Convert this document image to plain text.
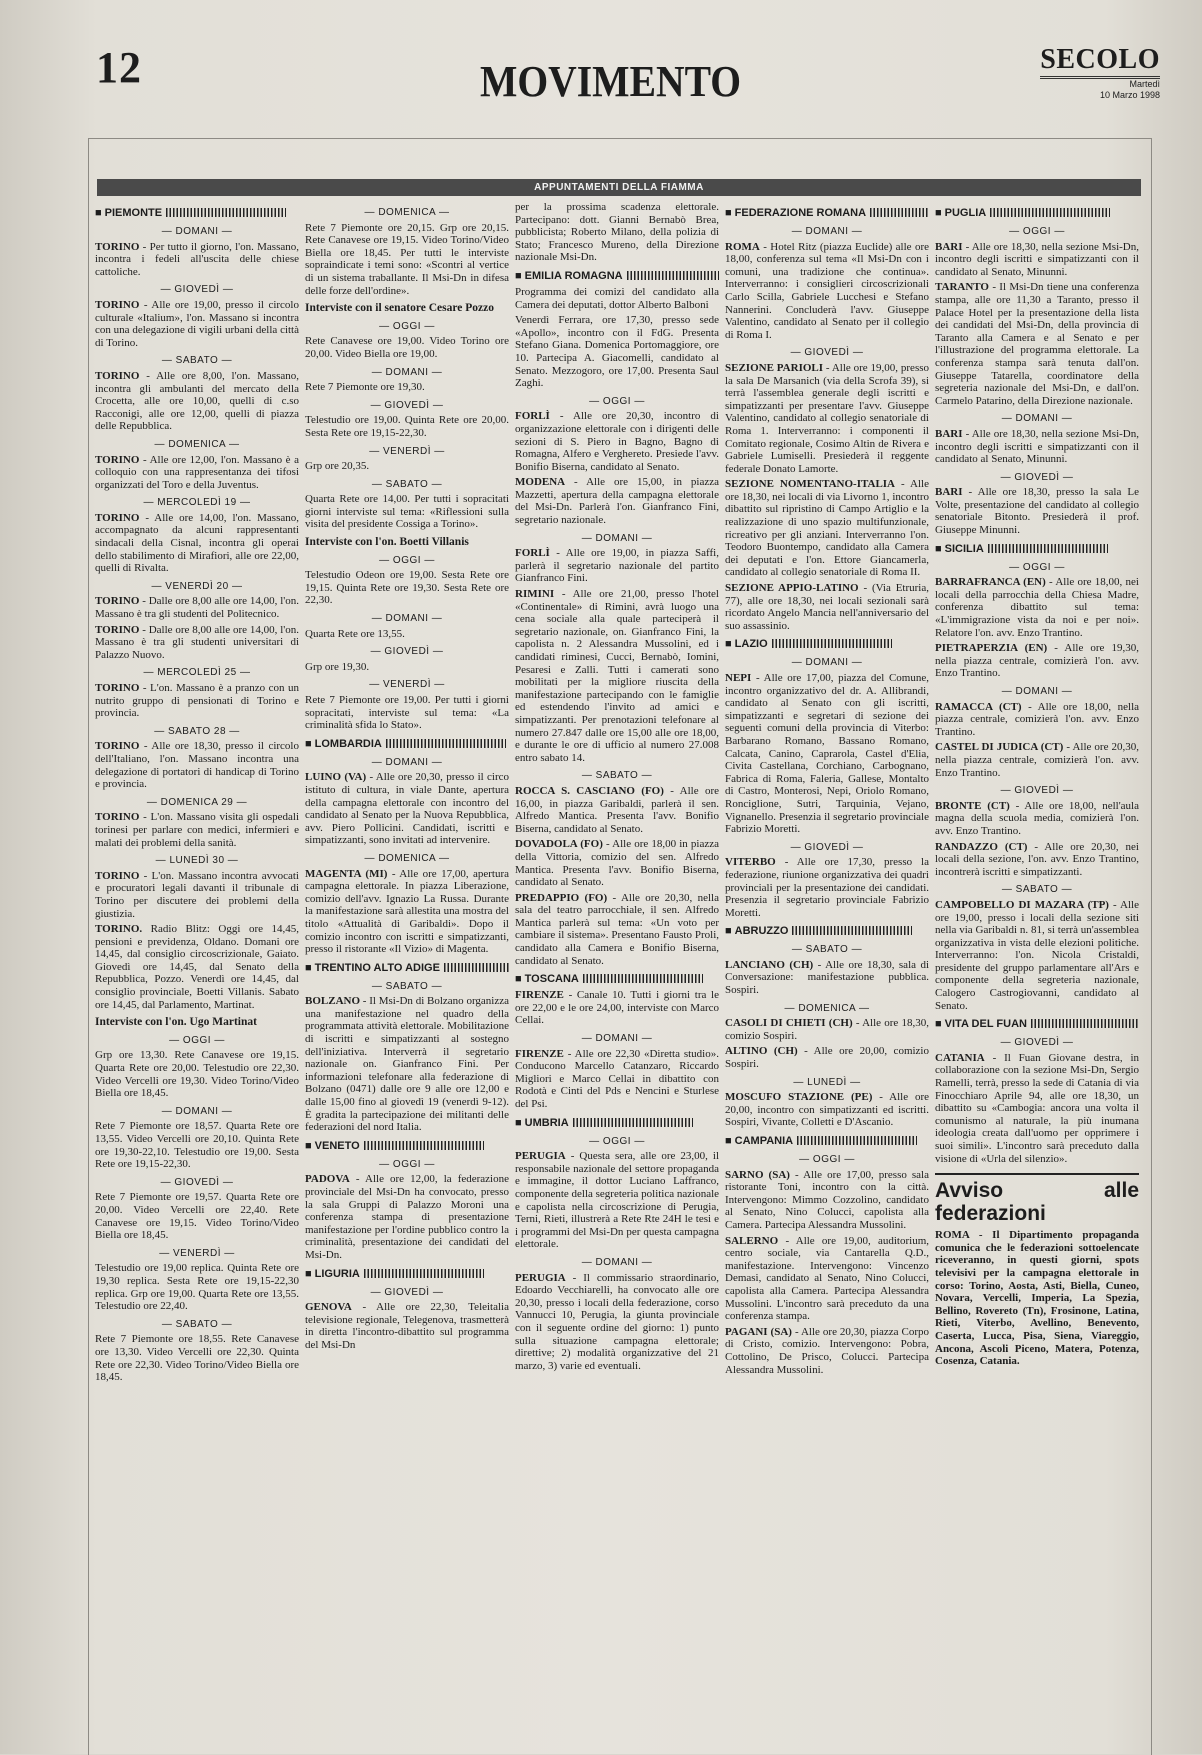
12	MOVIMENTO	SECOLO
Martedì
10 Marzo 1998
APPUNTAMENTI DELLA FIAMMA
■ PIEMONTE
— DOMANI —
TORINO - Per tutto il giorno, l'on. Massano, incontra i fedeli all'uscita delle chiese cattoliche.
— GIOVEDÌ —
TORINO - Alle ore 19,00, presso il circolo culturale «Italium», l'on. Massano si incontra con una delegazione di vigili urbani della città di Torino.
— SABATO —
TORINO - Alle ore 8,00, l'on. Massano, incontra gli ambulanti del mercato della Crocetta, alle ore 10,00, quelli di c.so Racconigi, alle ore 12,00, quelli di piazza delle Repubblica.
— DOMENICA —
TORINO - Alle ore 12,00, l'on. Massano è a colloquio con una rappresentanza dei tifosi organizzati del Toro e della Juventus.
— MERCOLEDÌ 19 —
TORINO - Alle ore 14,00, l'on. Massano, accompagnato da alcuni rappresentanti sindacali della Cisnal, incontra gli operai dello stabilimento di Mirafiori, alle ore 22,00, quelli di Rivalta.
— VENERDÌ 20 —
TORINO - Dalle ore 8,00 alle ore 14,00, l'on. Massano è tra gli studenti del Politecnico.
TORINO - Dalle ore 8,00 alle ore 14,00, l'on. Massano è tra gli studenti universitari di Palazzo Nuovo.
— MERCOLEDÌ 25 —
TORINO - L'on. Massano è a pranzo con un nutrito gruppo di pensionati di Torino e provincia.
— SABATO 28 —
TORINO - Alle ore 18,30, presso il circolo dell'Italiano, l'on. Massano incontra una delegazione di portatori di handicap di Torino e provincia.
— DOMENICA 29 —
TORINO - L'on. Massano visita gli ospedali torinesi per parlare con medici, infermieri e malati dei problemi della sanità.
— LUNEDÌ 30 —
TORINO - L'on. Massano incontra avvocati e procuratori legali davanti il tribunale di Torino per discutere dei problemi della giustizia.
TORINO. Radio Blitz: Oggi ore 14,45, pensioni e previdenza, Oldano. Domani ore 14,45, dal consiglio circoscrizionale, Gaiato. Giovedì ore 14,45, dal Senato della Repubblica, Pozzo. Venerdì ore 14,45, dal consiglio provinciale, Boetti Villanis. Sabato ore 14,45, dal Parlamento, Martinat.
Interviste con l'on. Ugo Martinat
— OGGI —
Grp ore 13,30. Rete Canavese ore 19,15. Quarta Rete ore 20,00. Telestudio ore 22,30. Video Vercelli ore 19,30. Video Torino/Video Biella ore 18,45.
— DOMANI —
Rete 7 Piemonte ore 18,57. Quarta Rete ore 13,55. Video Vercelli ore 20,10. Quinta Rete ore 19,30-22,10. Telestudio ore 19,00. Sesta Rete ore 19,15-22,30.
— GIOVEDÌ —
Rete 7 Piemonte ore 19,57. Quarta Rete ore 20,00. Video Vercelli ore 22,40. Rete Canavese ore 19,15. Video Torino/Video Biella ore 18,45.
— VENERDÌ —
Telestudio ore 19,00 replica. Quinta Rete ore 19,30 replica. Sesta Rete ore 19,15-22,30 replica. Grp ore 19,00. Quarta Rete ore 13,55. Telestudio ore 22,40.
— SABATO —
Rete 7 Piemonte ore 18,55. Rete Canavese ore 13,30. Video Vercelli ore 22,30. Quinta Rete ore 22,30. Video Torino/Video Biella ore 18,45.
— DOMENICA —
Rete 7 Piemonte ore 20,15. Grp ore 20,15. Rete Canavese ore 19,15. Video Torino/Video Biella ore 18,45. Per tutti le interviste sopraindicate i temi sono: «Scontri al vertice di un sistema traballante. Il Msi-Dn in difesa delle forze dell'ordine».
Interviste con il senatore Cesare Pozzo
— OGGI —
Rete Canavese ore 19,00. Video Torino ore 20,00. Video Biella ore 19,00.
— DOMANI —
Rete 7 Piemonte ore 19,30.
— GIOVEDÌ —
Telestudio ore 19,00. Quinta Rete ore 20,00. Sesta Rete ore 19,15-22,30.
— VENERDÌ —
Grp ore 20,35.
— SABATO —
Quarta Rete ore 14,00. Per tutti i sopracitati giorni interviste sul tema: «Riflessioni sulla visita del presidente Cossiga a Torino».
Interviste con l'on. Boetti Villanis
— OGGI —
Telestudio Odeon ore 19,00. Sesta Rete ore 19,15. Quinta Rete ore 19,30. Sesta Rete ore 22,30.
— DOMANI —
Quarta Rete ore 13,55.
— GIOVEDÌ —
Grp ore 19,30.
— VENERDÌ —
Rete 7 Piemonte ore 19,00. Per tutti i giorni sopracitati, interviste sul tema: «La criminalità sfida lo Stato».
■ LOMBARDIA
— DOMANI —
LUINO (VA) - Alle ore 20,30, presso il circo istituto di cultura, in viale Dante, apertura della campagna elettorale con incontro del candidato al Senato per la Nuova Repubblica, avv. Piero Pollicini. Candidati, iscritti e simpatizzanti, sono invitati ad intervenire.
— DOMENICA —
MAGENTA (MI) - Alle ore 17,00, apertura campagna elettorale. In piazza Liberazione, comizio dell'avv. Ignazio La Russa. Durante la manifestazione sarà allestita una mostra del titolo «Attualità di Garibaldi». Dopo il comizio incontro con iscritti e simpatizzanti, presso il ristorante «Il Vizio» di Magenta.
■ TRENTINO ALTO ADIGE
— SABATO —
BOLZANO - Il Msi-Dn di Bolzano organizza una manifestazione nel quadro della programmata attività elettorale. Mobilitazione di iscritti e simpatizzanti al sostegno dell'iniziativa. Interverrà il segretario nazionale on. Gianfranco Fini. Per informazioni telefonare alla federazione di Bolzano (0471) dalle ore 9 alle ore 12,00 e dalle 15,00 fino al giovedì 19 (venerdì 9-12). È gradita la partecipazione dei militanti delle federazioni del nord Italia.
■ VENETO
— OGGI —
PADOVA - Alle ore 12,00, la federazione provinciale del Msi-Dn ha convocato, presso la sala Gruppi di Palazzo Moroni una conferenza stampa di presentazione manifestazione per l'ordine pubblico contro la criminalità, presentazione dei candidati del Msi-Dn.
■ LIGURIA
— GIOVEDÌ —
GENOVA - Alle ore 22,30, Teleitalia televisione regionale, Telegenova, trasmetterà in diretta l'incontro-dibattito sul programma del Msi-Dn
per la prossima scadenza elettorale. Partecipano: dott. Gianni Bernabò Brea, pubblicista; Roberto Milano, della polizia di Stato; Francesco Mureno, della Direzione nazionale Msi-Dn.
■ EMILIA ROMAGNA
Programma dei comizi del candidato alla Camera dei deputati, dottor Alberto Balboni
Venerdì Ferrara, ore 17,30, presso sede «Apollo», incontro con il FdG. Presenta Stefano Giana. Domenica Portomaggiore, ore 10. Partecipa A. Giacomelli, candidato al Senato. Mezzogoro, ore 17,00. Presenta Saul Zaghi.
— OGGI —
FORLÌ - Alle ore 20,30, incontro di organizzazione elettorale con i dirigenti delle sezioni di S. Piero in Bagno, Bagno di Romagna, Alfero e Verghereto. Presiede l'avv. Bonifio Biserna, candidato al Senato.
MODENA - Alle ore 15,00, in piazza Mazzetti, apertura della campagna elettorale del Msi-Dn. Parlerà l'on. Gianfranco Fini, segretario nazionale.
— DOMANI —
FORLÌ - Alle ore 19,00, in piazza Saffi, parlerà il segretario nazionale del partito Gianfranco Fini.
RIMINI - Alle ore 21,00, presso l'hotel «Continentale» di Rimini, avrà luogo una cena sociale alla quale parteciperà il segretario nazionale, on. Gianfranco Fini, la capolista n. 2 Alessandra Mussolini, ed i candidati riminesi, Cucci, Bernabò, Iomini, Pesaresi e Zalli. Tutti i camerati sono mobilitati per la migliore riuscita della manifestazione partecipando con le famiglie ed estendendo l'invito ad amici e simpatizzanti. Per prenotazioni telefonare al numero 27.847 dalle ore 15,00 alle ore 18,00, e durante le ore di ufficio al numero 27.008 entro sabato 14.
— SABATO —
ROCCA S. CASCIANO (FO) - Alle ore 16,00, in piazza Garibaldi, parlerà il sen. Alfredo Mantica. Presenta l'avv. Bonifio Biserna, candidato al Senato.
DOVADOLA (FO) - Alle ore 18,00 in piazza della Vittoria, comizio del sen. Alfredo Mantica. Presenta l'avv. Bonifio Biserna, candidato al Senato.
PREDAPPIO (FO) - Alle ore 20,30, nella sala del teatro parrocchiale, il sen. Alfredo Mantica parlerà sul tema: «Un voto per cambiare il sistema». Presentano Fausto Proli, candidato alla Camera e Bonifio Biserna, candidato al Senato.
■ TOSCANA
FIRENZE - Canale 10. Tutti i giorni tra le ore 22,00 e le ore 24,00, interviste con Marco Cellai.
— DOMANI —
FIRENZE - Alle ore 22,30 «Diretta studio». Conducono Marcello Catanzaro, Riccardo Migliori e Marco Cellai in dibattito con Rodotà e Cinti del Pds e Nencini e Sturlese del Psi.
■ UMBRIA
— OGGI —
PERUGIA - Questa sera, alle ore 23,00, il responsabile nazionale del settore propaganda e immagine, il dottor Luciano Laffranco, componente della segreteria politica nazionale e capolista nella circoscrizione di Perugia, Terni, Rieti, illustrerà a Rete Rte 24H le tesi e i programmi del Msi-Dn per questa campagna elettorale.
— DOMANI —
PERUGIA - Il commissario straordinario, Edoardo Vecchiarelli, ha convocato alle ore 20,30, presso i locali della federazione, corso Vannucci 10, Perugia, la giunta provinciale con il seguente ordine del giorno: 1) punto sulla situazione campagna elettorale; direttive; 2) modalità organizzative del 21 marzo, 3) varie ed eventuali.
■ FEDERAZIONE ROMANA
— DOMANI —
ROMA - Hotel Ritz (piazza Euclide) alle ore 18,00, conferenza sul tema «Il Msi-Dn con i comuni, una tradizione che continua». Interverranno: i consiglieri circoscrizionali Carlo Scilla, Gabriele Lucchesi e Stefano Nannerini. Concluderà l'avv. Giuseppe Valentino, candidato al Senato per il collegio di Roma I.
— GIOVEDÌ —
SEZIONE PARIOLI - Alle ore 19,00, presso la sala De Marsanich (via della Scrofa 39), si terrà l'assemblea generale degli iscritti e simpatizzanti per presentare l'avv. Giuseppe Valentino, candidato al collegio senatoriale di Roma 1. Interverranno: i componenti il Comitato regionale, Cosimo Altin de Rivera e Gabriele Lumiselli. Presiederà il reggente federale Donato Lamorte.
SEZIONE NOMENTANO-ITALIA - Alle ore 18,30, nei locali di via Livorno 1, incontro dibattito sul ripristino di Campo Artiglio e la realizzazione di uno spazio multifunzionale, ricreativo per gli anziani. Interverranno l'on. Teodoro Buontempo, candidato alla Camera dei deputati e l'on. Ettore Giancamerla, candidato al collegio senatoriale di Roma II.
SEZIONE APPIO-LATINO - (Via Etruria, 77), alle ore 18,30, nei locali sezionali sarà ricordato Angelo Mancia nell'anniversario del suo assassinio.
■ LAZIO
— DOMANI —
NEPI - Alle ore 17,00, piazza del Comune, incontro organizzativo del dr. A. Allibrandi, candidato al Senato con gli iscritti, simpatizzanti e segretari di sezione dei seguenti comuni della provincia di Viterbo: Barbarano Romano, Bassano Romano, Calcata, Canino, Caprarola, Castel d'Elia, Civita Castellana, Corchiano, Carbognano, Fabrica di Roma, Faleria, Gallese, Montalto di Castro, Monterosi, Nepi, Oriolo Romano, Ronciglione, Sutri, Tarquinia, Vejano, Vignanello. Presenzia il segretario provinciale Fabrizio Moretti.
— GIOVEDÌ —
VITERBO - Alle ore 17,30, presso la federazione, riunione organizzativa dei quadri provinciali per la presentazione dei candidati. Presenzia il segretario provinciale Fabrizio Moretti.
■ ABRUZZO
— SABATO —
LANCIANO (CH) - Alle ore 18,30, sala di Conversazione: manifestazione pubblica. Sospiri.
— DOMENICA —
CASOLI DI CHIETI (CH) - Alle ore 18,30, comizio Sospiri.
ALTINO (CH) - Alle ore 20,00, comizio Sospiri.
— LUNEDÌ —
MOSCUFO STAZIONE (PE) - Alle ore 20,00, incontro con simpatizzanti ed iscritti. Sospiri, Vivante, Colletti e D'Ascanio.
■ CAMPANIA
— OGGI —
SARNO (SA) - Alle ore 17,00, presso sala ristorante Toni, incontro con la città. Intervengono: Mimmo Cozzolino, candidato al Senato, Nino Colucci, capolista alla Camera. Partecipa Alessandra Mussolini.
SALERNO - Alle ore 19,00, auditorium, centro sociale, via Cantarella Q.D., manifestazione. Intervengono: Vincenzo Demasi, candidato al Senato, Nino Colucci, capolista alla Camera. Partecipa Alessandra Mussolini. L'incontro sarà preceduto da una conferenza stampa.
PAGANI (SA) - Alle ore 20,30, piazza Corpo di Cristo, comizio. Intervengono: Pobra, Cottolino, De Prisco, Colucci. Partecipa Alessandra Mussolini.
■ PUGLIA
— OGGI —
BARI - Alle ore 18,30, nella sezione Msi-Dn, incontro degli iscritti e simpatizzanti con il candidato al Senato, Minunni.
TARANTO - Il Msi-Dn tiene una conferenza stampa, alle ore 11,30 a Taranto, presso il Palace Hotel per la presentazione della lista dei candidati del Msi-Dn, della provincia di Taranto alla Camera e al Senato e per l'illustrazione del programma elettorale. La conferenza stampa sarà tenuta dall'on. Giuseppe Tatarella, coordinatore della segreteria nazionale del Msi-Dn, e dall'on. Carmelo Patarino, della Direzione nazionale.
— DOMANI —
BARI - Alle ore 18,30, nella sezione Msi-Dn, incontro degli iscritti e simpatizzanti con il candidato al Senato, Minunni.
— GIOVEDÌ —
BARI - Alle ore 18,30, presso la sala Le Volte, presentazione del candidato al collegio senatoriale Bitonto. Presiederà il prof. Giuseppe Minunni.
■ SICILIA
— OGGI —
BARRAFRANCA (EN) - Alle ore 18,00, nei locali della parrocchia della Chiesa Madre, conferenza dibattito sul tema: «L'immigrazione vista da noi e per noi». Relatore l'on. avv. Enzo Trantino.
PIETRAPERZIA (EN) - Alle ore 19,30, nella piazza centrale, comizierà l'on. avv. Enzo Trantino.
— DOMANI —
RAMACCA (CT) - Alle ore 18,00, nella piazza centrale, comizierà l'on. avv. Enzo Trantino.
CASTEL DI JUDICA (CT) - Alle ore 20,30, nella piazza centrale, comizierà l'on. avv. Enzo Trantino.
— GIOVEDÌ —
BRONTE (CT) - Alle ore 18,00, nell'aula magna della scuola media, comizierà l'on. avv. Enzo Trantino.
RANDAZZO (CT) - Alle ore 20,30, nei locali della sezione, l'on. avv. Enzo Trantino, incontrerà iscritti e simpatizzanti.
— SABATO —
CAMPOBELLO DI MAZARA (TP) - Alle ore 19,00, presso i locali della sezione siti nella via Garibaldi n. 81, si terrà un'assemblea organizzativa in vista delle elezioni politiche. Interverranno: l'on. Nicola Cristaldi, presidente del gruppo parlamentare all'Ars e componente della segreteria nazionale, Calogero Castrogiovanni, candidato al Senato.
■ VITA DEL FUAN
— GIOVEDÌ —
CATANIA - Il Fuan Giovane destra, in collaborazione con la sezione Msi-Dn, Sergio Ramelli, terrà, presso la sede di Catania di via Finocchiaro Aprile 94, alle ore 18,30, un dibattito su «Cambogia: ancora una volta il comunismo al naturale, la più inumana ideologia creata dall'uomo per opprimere i suoi simili». L'incontro sarà preceduto dalla visione di «Urla del silenzio».
Avviso alle federazioni
ROMA - Il Dipartimento propaganda comunica che le federazioni sottoelencate riceveranno, in questi giorni, spots televisivi per la campagna elettorale in corso: Torino, Aosta, Asti, Biella, Cuneo, Novara, Vercelli, Imperia, La Spezia, Bellino, Rovereto (Tn), Frosinone, Latina, Rieti, Viterbo, Avellino, Benevento, Caserta, Lucca, Pisa, Siena, Viareggio, Ancona, Ascoli Piceno, Matera, Potenza, Cosenza, Catania.
